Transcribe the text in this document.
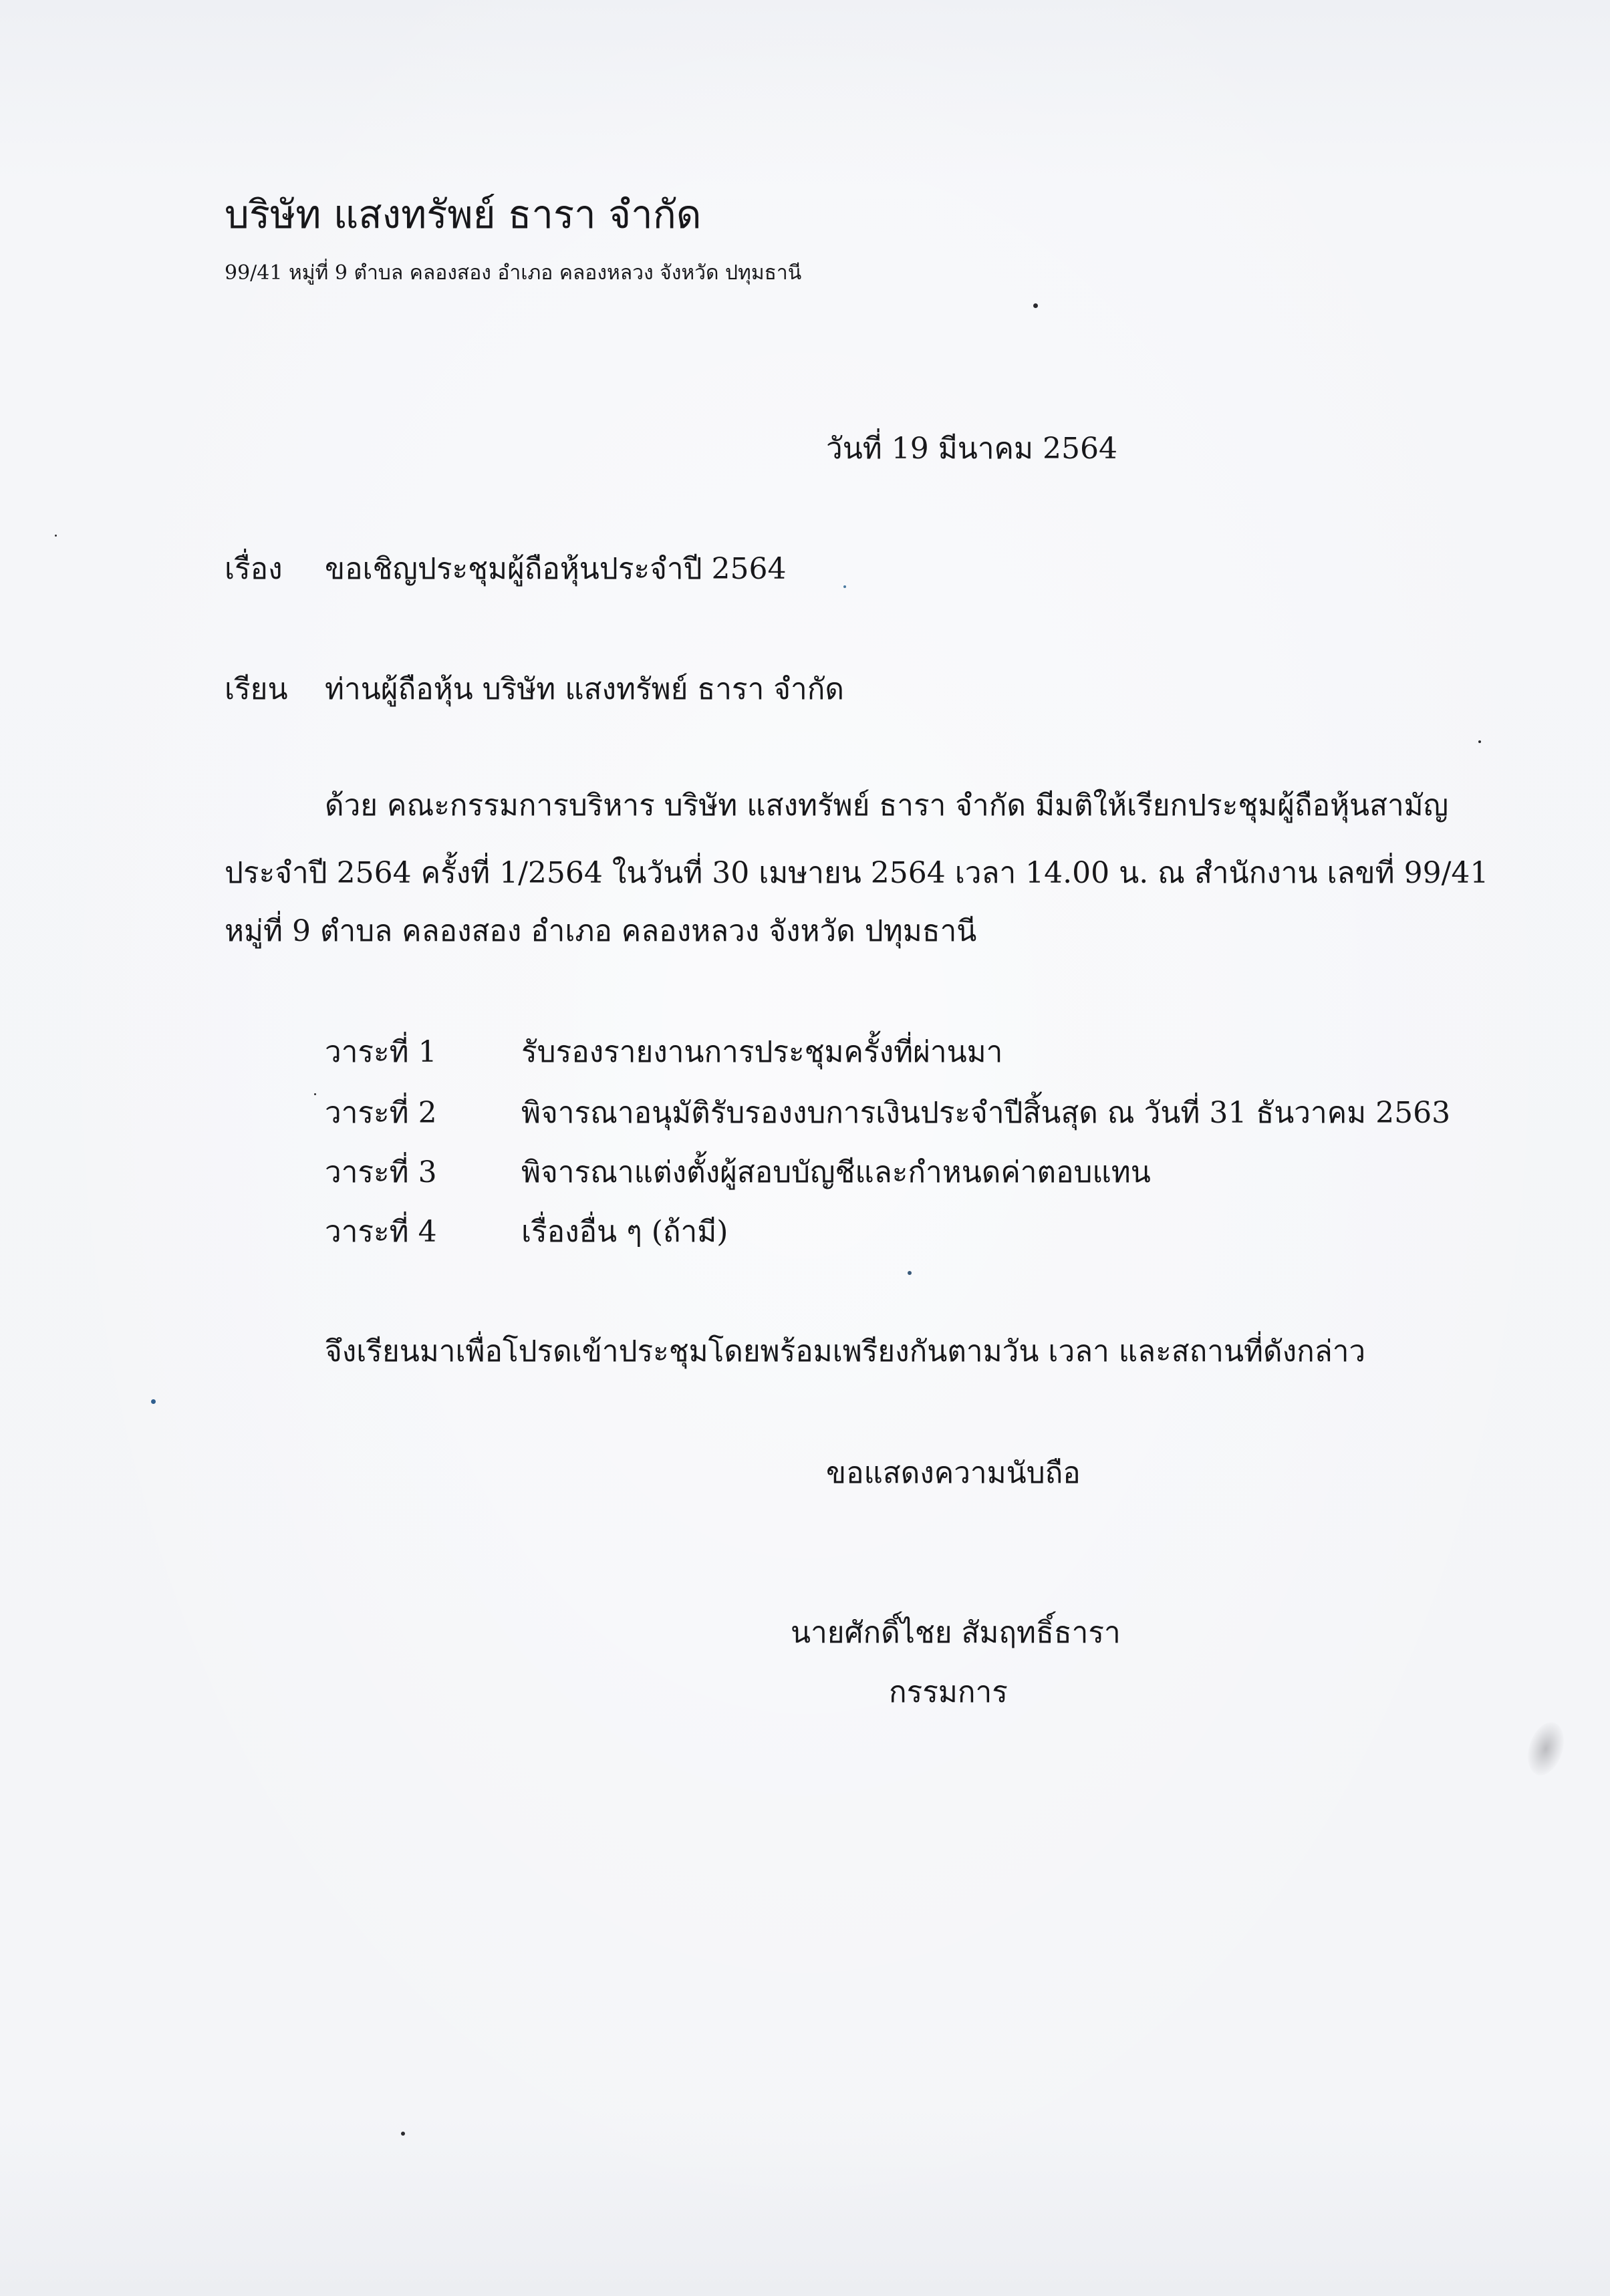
บริษัท แสงทรัพย์ ธารา จำกัด
99/41 หมู่ที่ 9 ตำบล คลองสอง อำเภอ คลองหลวง จังหวัด ปทุมธานี
วันที่ 19 มีนาคม 2564
เรื่อง ขอเชิญประชุมผู้ถือหุ้นประจำปี 2564
เรียน ท่านผู้ถือหุ้น บริษัท แสงทรัพย์ ธารา จำกัด
ด้วย คณะกรรมการบริหาร บริษัท แสงทรัพย์ ธารา จำกัด มีมติให้เรียกประชุมผู้ถือหุ้นสามัญ
ประจำปี 2564 ครั้งที่ 1/2564 ในวันที่ 30 เมษายน 2564 เวลา 14.00 น. ณ สำนักงาน เลขที่ 99/41
หมู่ที่ 9 ตำบล คลองสอง อำเภอ คลองหลวง จังหวัด ปทุมธานี
วาระที่ 1	รับรองรายงานการประชุมครั้งที่ผ่านมา
วาระที่ 2	พิจารณาอนุมัติรับรองงบการเงินประจำปีสิ้นสุด ณ วันที่ 31 ธันวาคม 2563
วาระที่ 3	พิจารณาแต่งตั้งผู้สอบบัญชีและกำหนดค่าตอบแทน
วาระที่ 4	เรื่องอื่น ๆ (ถ้ามี)
จึงเรียนมาเพื่อโปรดเข้าประชุมโดยพร้อมเพรียงกันตามวัน เวลา และสถานที่ดังกล่าว
ขอแสดงความนับถือ
นายศักดิ์ไชย สัมฤทธิ์ธารา
กรรมการ
